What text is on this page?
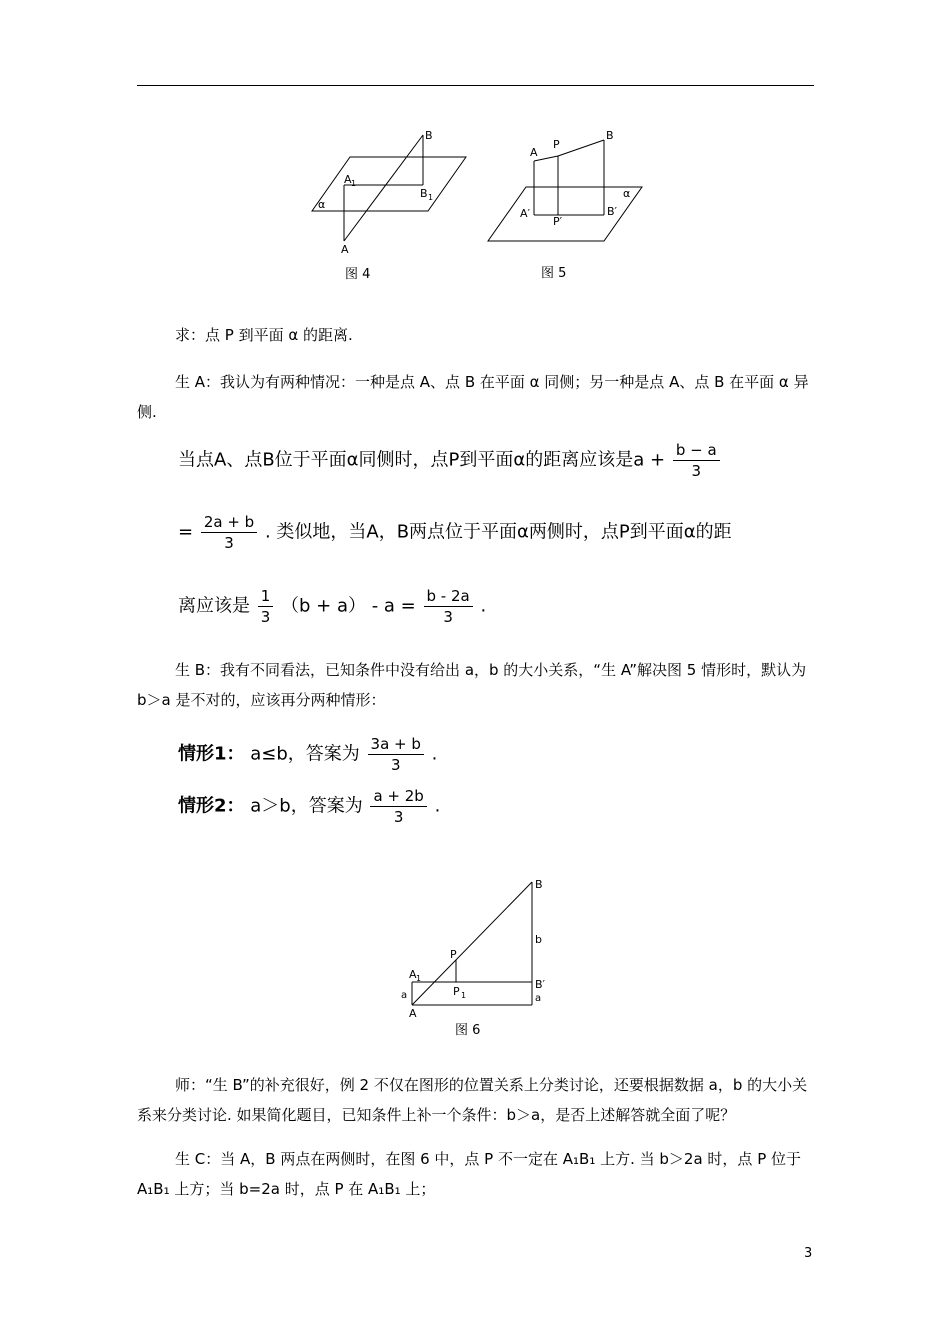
B
A 1
B 1
α
A
图 4
A
P
B
A′
P′
B′
α
图 5
求：点 P 到平面 α 的距离.
生 A：我认为有两种情况：一种是点 A、点 B 在平面 α 同侧；另一种是点 A、点 B 在平面 α 异侧.
当点A、点B位于平面α同侧时，点P到平面α的距离应该是$a + \frac{b - a}{3}$
= $\frac{2a + b}{3}$ . 类似地，当A，B两点位于平面α两侧时，点P到平面α的距
离应该是 $\frac{1}{3} (b + a) - a = \frac{b - 2a}{3}$ .
生 B：我有不同看法，已知条件中没有给出 a，b 的大小关系，“生 A”解决图 5 情形时，默认为 b＞a 是不对的，应该再分两种情形：
情形1： a≤b，答案为 $\frac{3a + b}{3}$ .
情形2： a＞b，答案为 $\frac{a + 2b}{3}$ .
B
b
B′
a
P
P 1
A 1
a
A
图 6
师：“生 B”的补充很好，例 2 不仅在图形的位置关系上分类讨论，还要根据数据 a，b 的大小关系来分类讨论. 如果简化题目，已知条件上补一个条件：b＞a，是否上述解答就全面了呢？
生 C：当 A，B 两点在两侧时，在图 6 中，点 P 不一定在 A₁B₁ 上方. 当 b＞2a 时，点 P 位于 A₁B₁ 上方；当 b=2a 时，点 P 在 A₁B₁ 上；
3
